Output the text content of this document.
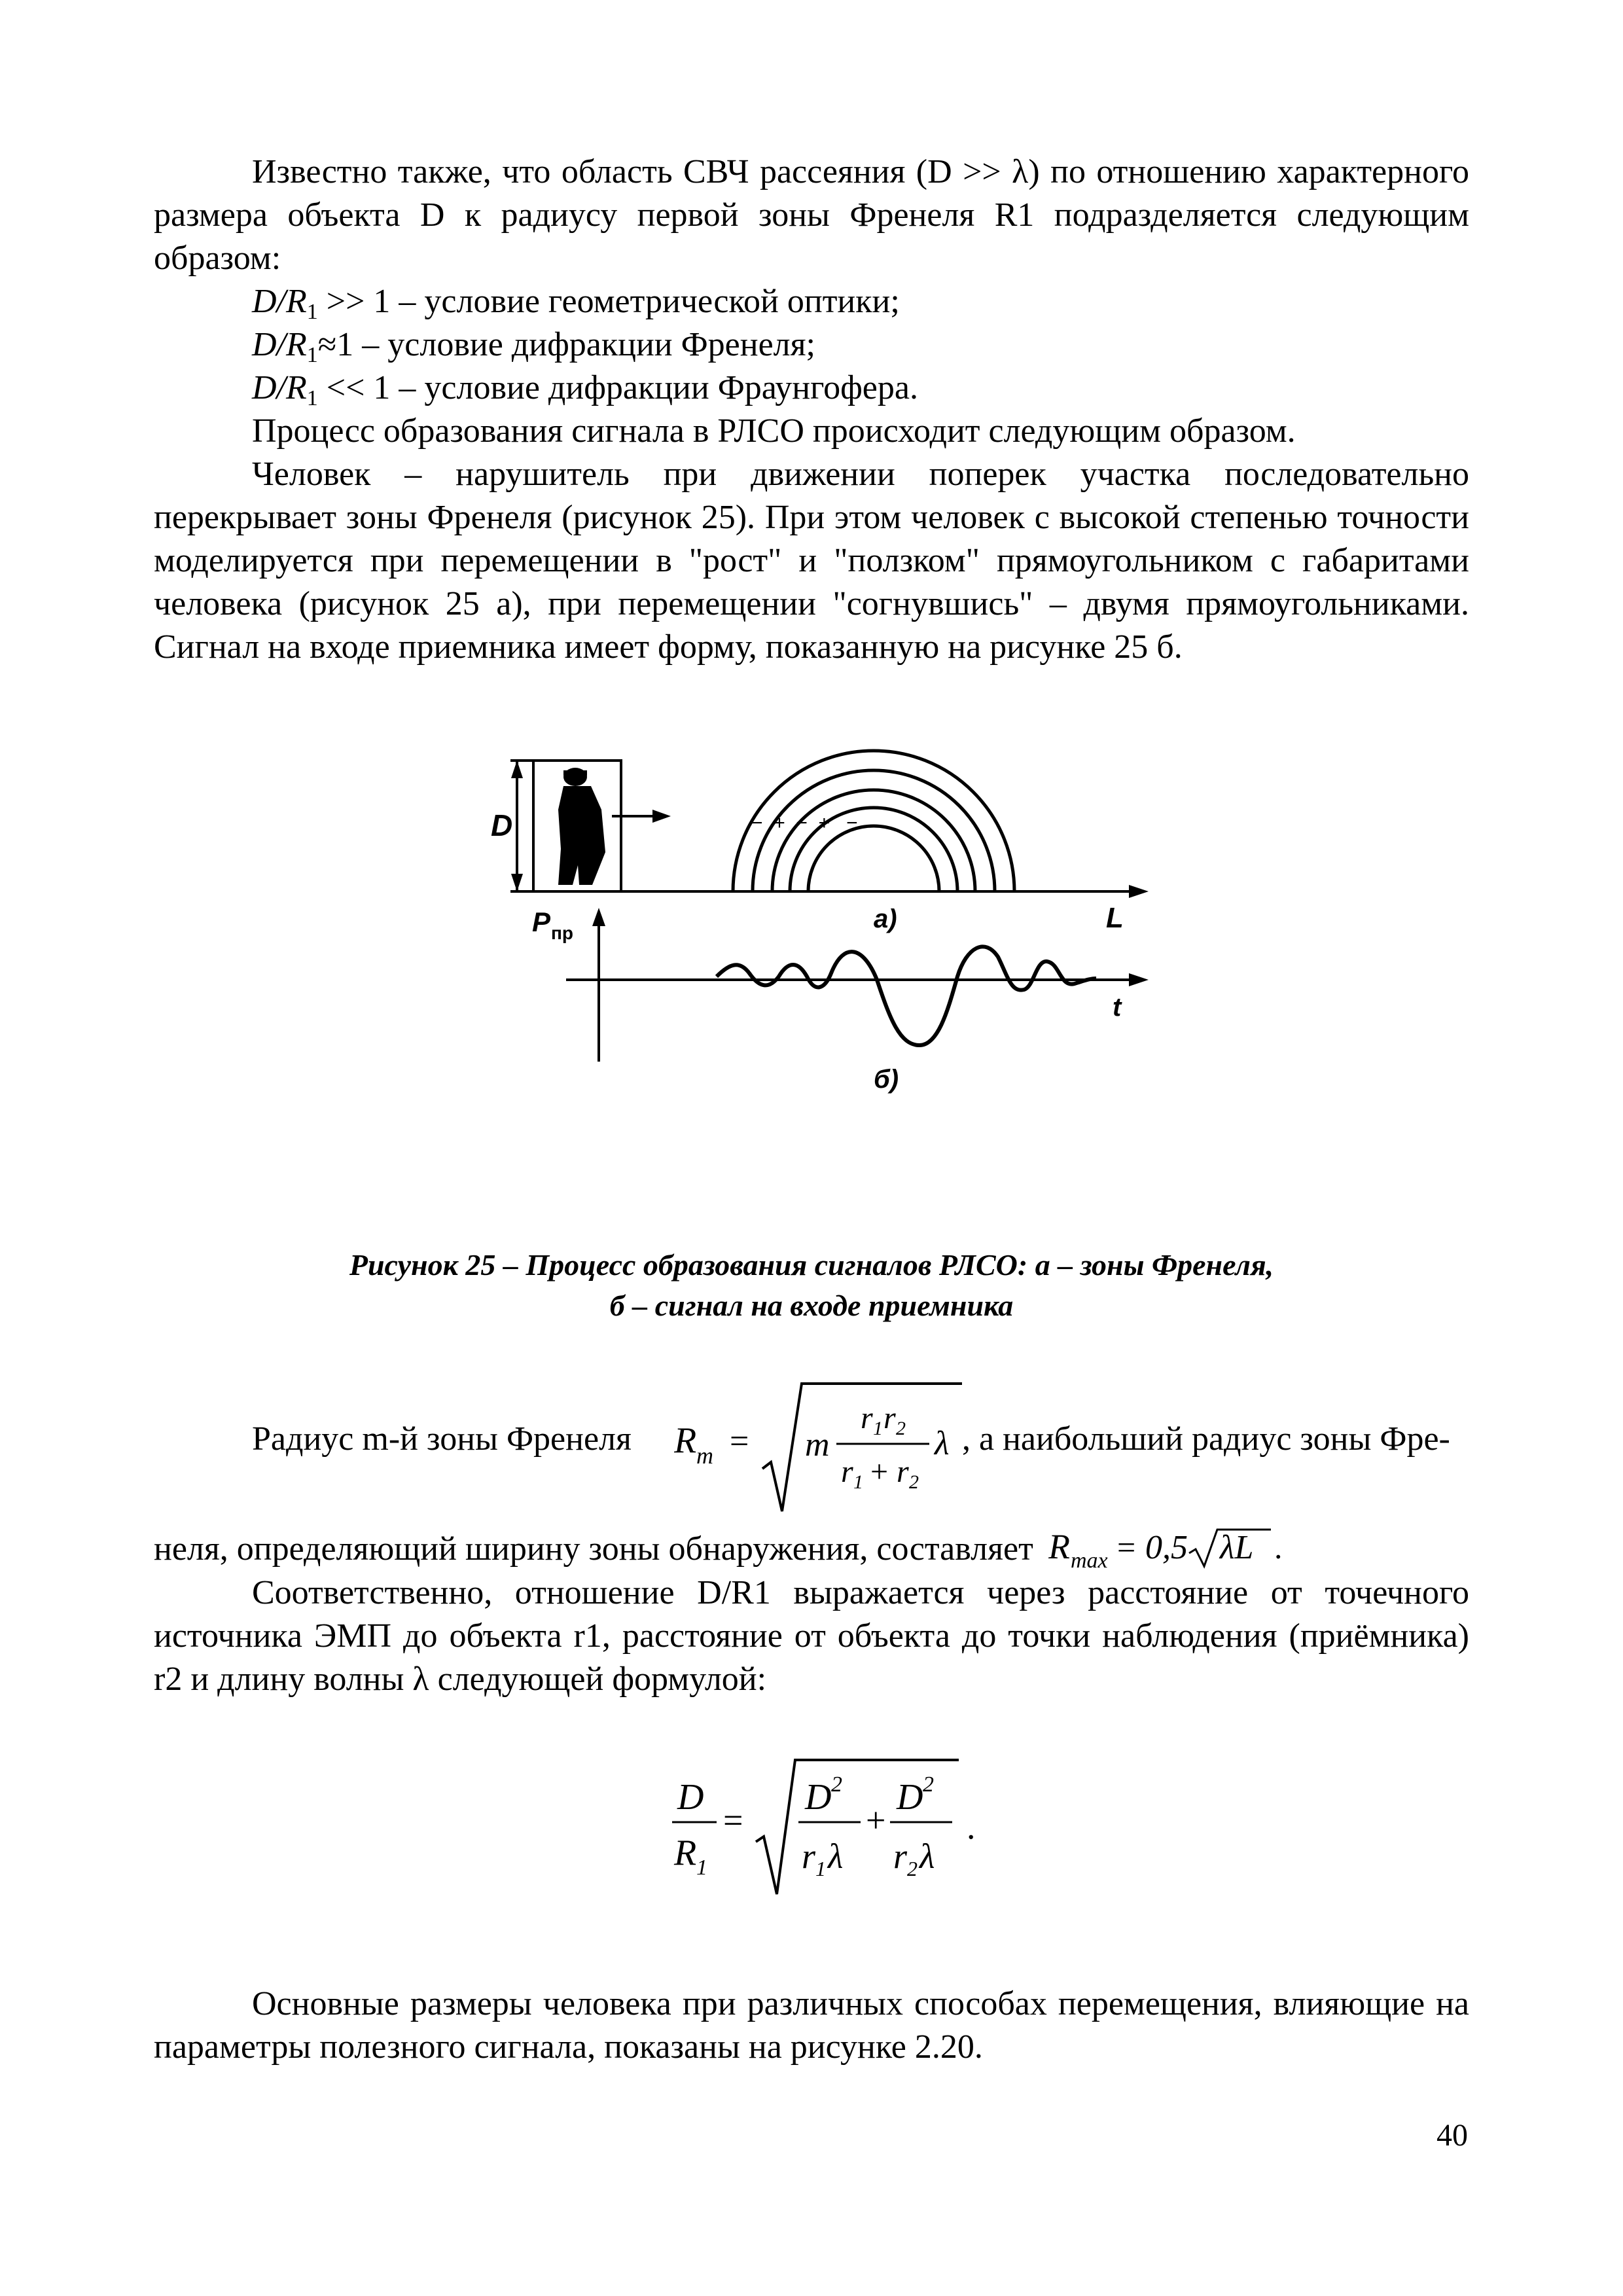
Известно также, что область СВЧ рассеяния (D >> λ) по отношению характерного размера объекта D к радиусу первой зоны Френеля R1 подразделяется следующим образом:

$D/R_1 >> 1$ – условие геометрической оптики;

$D/R_1\approx 1$ – условие дифракции Френеля;

$D/R_1 << 1$ – условие дифракции Фраунгофера.

Процесс образования сигнала в РЛСО происходит следующим образом.

Человек – нарушитель при движении поперек участка последовательно перекрывает зоны Френеля (рисунок 25). При этом человек с высокой степенью точности моделируется при перемещении в "рост" и "ползком" прямоугольником с габаритами человека (рисунок 25 а), при перемещении "согнувшись" – двумя прямоугольниками. Сигнал на входе приемника имеет форму, показанную на рисунке 25 б.

D	−  +  −  +   −
L
а)
P пр
t
б)
Рисунок 25 – Процесс образования сигналов РЛСО: а – зоны Френеля,
б – сигнал на входе приемника
Радиус m-й зоны Френеля R m = m
r 1 r 2
r 1 + r 2
λ , а наибольший радиус зоны Фре-

неля, определяющий ширину зоны обнаружения, составляет R max = 0,5 λL .

Соответственно, отношение D/R1 выражается через расстояние от точечного источника ЭМП до объекта r1, расстояние от объекта до точки наблюдения (приёмника) r2 и длину волны λ следующей формулой:

D
R 1
=
D 2
r 1 λ
+
D 2
r 2 λ
.

Основные размеры человека при различных способах перемещения, влияющие на параметры полезного сигнала, показаны на рисунке 2.20.

40
